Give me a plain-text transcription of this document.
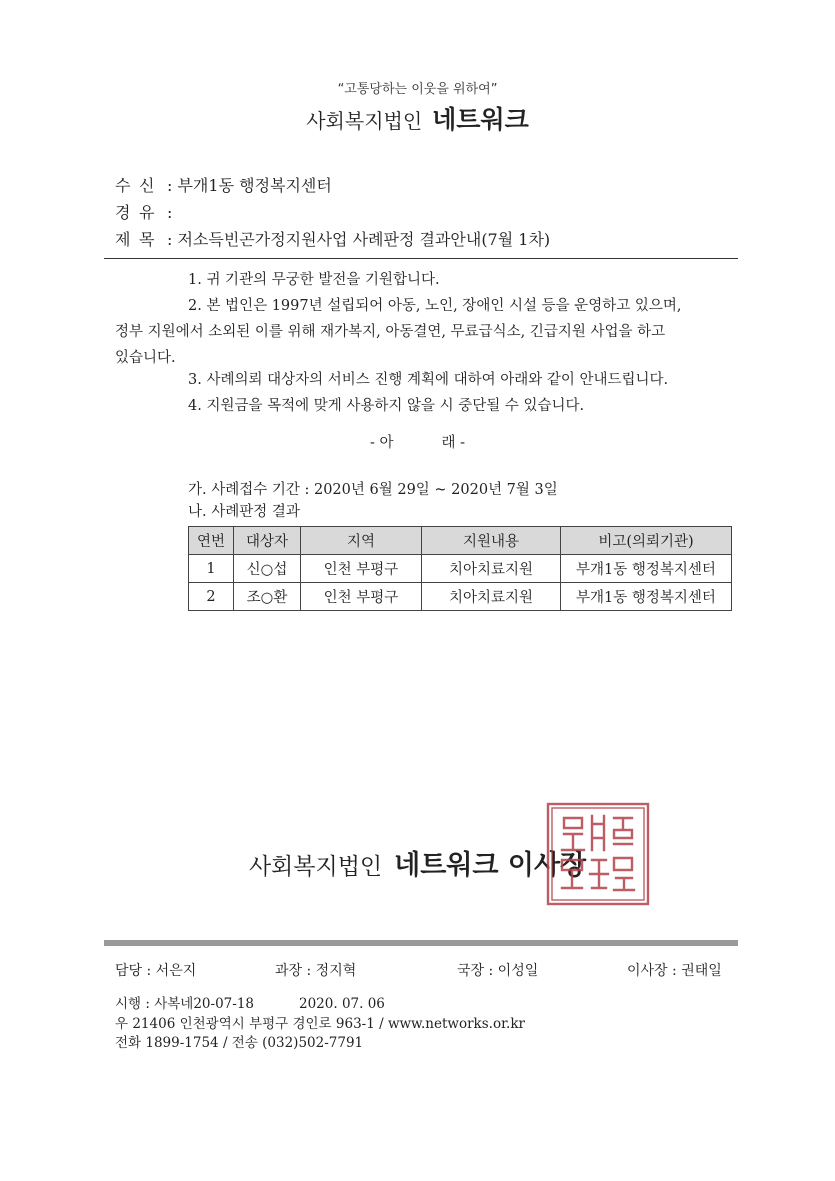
“고통당하는 이웃을 위하여”
사회복지법인 네트워크
수 신 : 부개1동 행정복지센터
경 유 :
제 목 : 저소득빈곤가정지원사업 사례판정 결과안내(7월 1차)
1. 귀 기관의 무궁한 발전을 기원합니다.
2. 본 법인은 1997년 설립되어 아동, 노인, 장애인 시설 등을 운영하고 있으며,
정부 지원에서 소외된 이를 위해 재가복지, 아동결연, 무료급식소, 긴급지원 사업을 하고
있습니다.
3. 사례의뢰 대상자의 서비스 진행 계획에 대하여 아래와 같이 안내드립니다.
4. 지원금을 목적에 맞게 사용하지 않을 시 중단될 수 있습니다.
- 아	래 -
가. 사례접수 기간 : 2020년 6월 29일 ~ 2020년 7월 3일
나. 사례판정 결과
연번	대상자	지역	지원내용	비고(의뢰기관)
1	신○섭	인천 부평구	치아치료지원	부개1동 행정복지센터
2	조○환	인천 부평구	치아치료지원	부개1동 행정복지센터
사회복지법인 네트워크 이사장
담당 : 서은지	과장 : 정지혁	국장 : 이성일	이사장 : 권태일
시행 : 사복네20-07-18	2020. 07. 06
우 21406 인천광역시 부평구 경인로 963-1 / www.networks.or.kr
전화 1899-1754 / 전송 (032)502-7791
